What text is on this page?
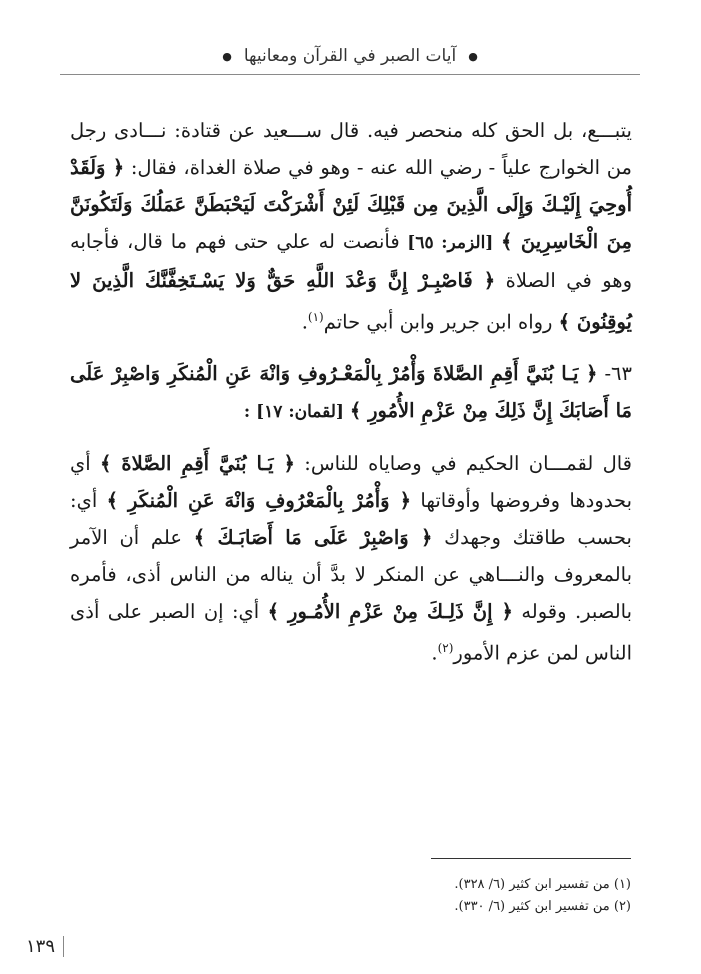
● آيات الصبر في القرآن ومعانيها ●

يتبـــع، بل الحق كله منحصر فيه. قال ســـعيد عن قتادة: نـــادى رجل من الخوارج علياً - رضي الله عنه - وهو في صلاة الغداة، فقال: ﴿ وَلَقَدْ أُوحِيَ إِلَيْـكَ وَإِلَى الَّذِينَ مِن قَبْلِكَ لَئِنْ أَشْرَكْتَ لَيَحْبَطَنَّ عَمَلُكَ وَلَتَكُونَنَّ مِنَ الْخَاسِرِينَ ﴾ [الزمر: ٦٥] فأنصت له علي حتى فهم ما قال، فأجابه وهو في الصلاة ﴿ فَاصْبِـرْ إِنَّ وَعْدَ اللَّهِ حَقٌّ وَلا يَسْـتَخِفَّنَّكَ الَّذِينَ لا يُوقِنُونَ ﴾ رواه ابن جرير وابن أبي حاتم$^{(١)}$.

٦٣- ﴿ يَـا بُنَيَّ أَقِمِ الصَّلاةَ وَأْمُرْ بِالْمَعْـرُوفِ وَانْهَ عَنِ الْمُنكَرِ وَاصْبِرْ عَلَى مَا أَصَابَكَ إِنَّ ذَلِكَ مِنْ عَزْمِ الأُمُورِ ﴾ [لقمان: ١٧] :

قال لقمـــان الحكيم في وصاياه للناس: ﴿ يَـا بُنَيَّ أَقِمِ الصَّلاةَ ﴾ أي بحدودها وفروضها وأوقاتها ﴿ وَأْمُرْ بِالْمَعْرُوفِ وَانْهَ عَنِ الْمُنكَرِ ﴾ أي: بحسب طاقتك وجهدك ﴿ وَاصْبِرْ عَلَى مَا أَصَابَـكَ ﴾ علم أن الآمر بالمعروف والنـــاهي عن المنكر لا بدَّ أن يناله من الناس أذى، فأمره بالصبر. وقوله ﴿ إِنَّ ذَلِـكَ مِنْ عَزْمِ الأُمُـورِ ﴾ أي: إن الصبر على أذى الناس لمن عزم الأمور$^{(٢)}$.

(١) من تفسير ابن كثير (٦/ ٣٢٨).
(٢) من تفسير ابن كثير (٦/ ٣٣٠).
١٣٩
